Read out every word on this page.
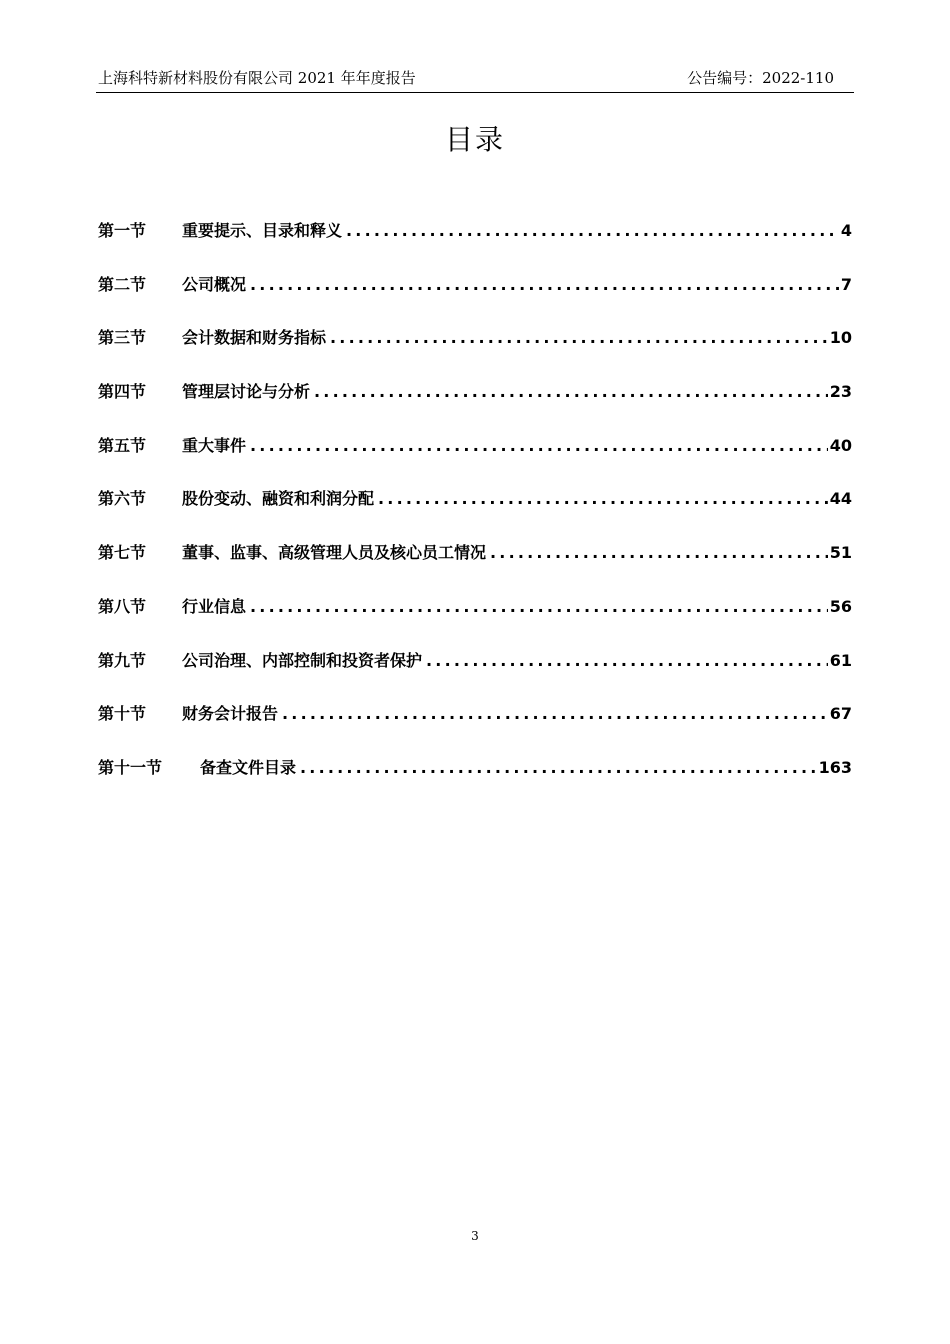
上海科特新材料股份有限公司 2021 年年度报告	公告编号：2022-110
目录
第一节	重要提示、目录和释义 .....	4
第二节	公司概况 .....	7
第三节	会计数据和财务指标 .....	10
第四节	管理层讨论与分析 .....	23
第五节	重大事件 .....	40
第六节	股份变动、融资和利润分配 .....	44
第七节	董事、监事、高级管理人员及核心员工情况 .....	51
第八节	行业信息 .....	56
第九节	公司治理、内部控制和投资者保护 .....	61
第十节	财务会计报告 .....	67
第十一节	备查文件目录 .....	163
3
